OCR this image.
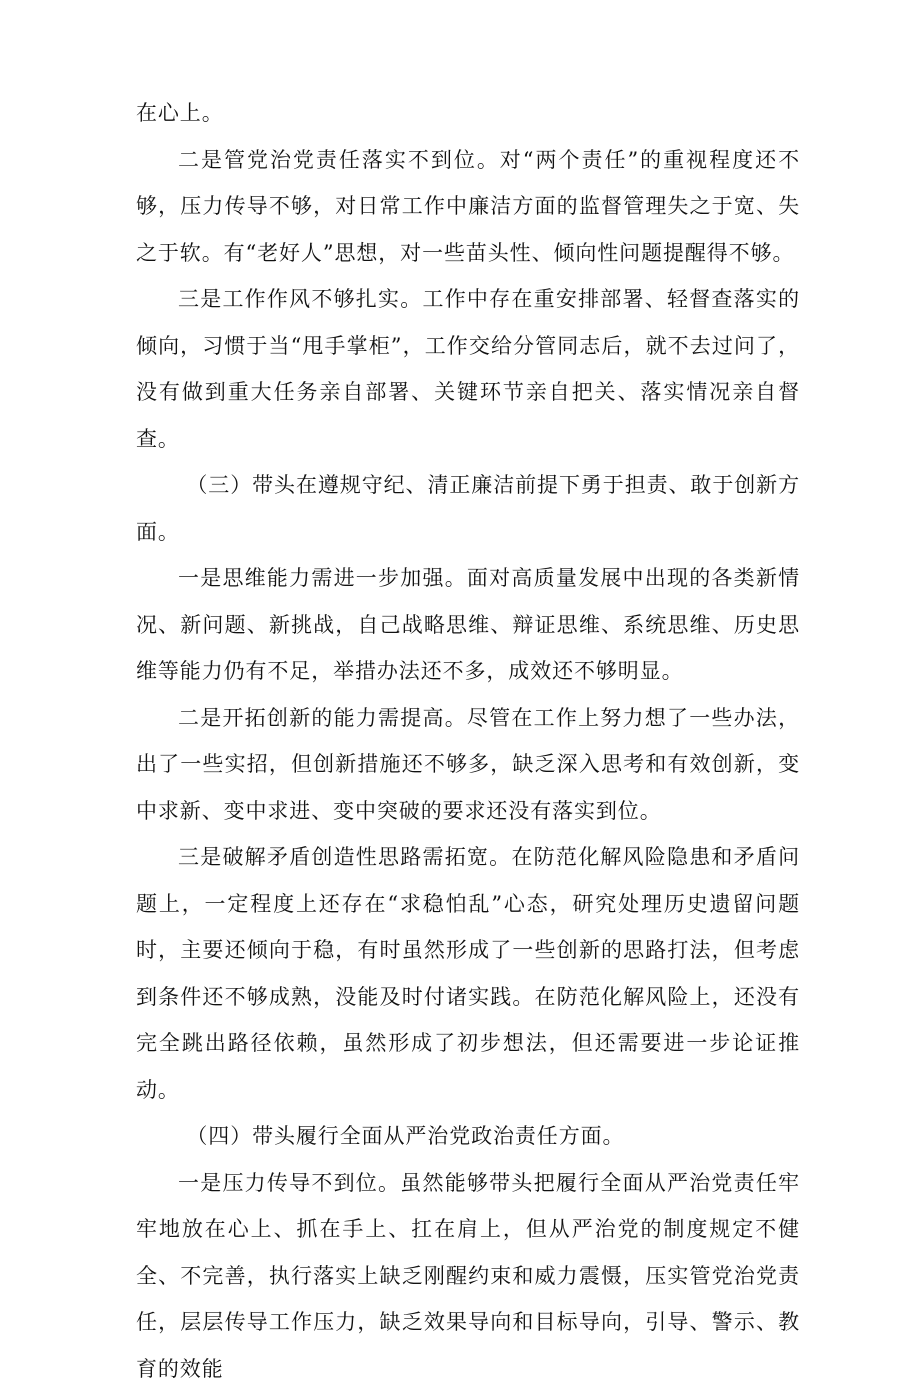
在心上。

二是管党治党责任落实不到位。对“两个责任”的重视程度还不够，压力传导不够，对日常工作中廉洁方面的监督管理失之于宽、失之于软。有“老好人”思想，对一些苗头性、倾向性问题提醒得不够。

三是工作作风不够扎实。工作中存在重安排部署、轻督查落实的倾向，习惯于当“甩手掌柜”，工作交给分管同志后，就不去过问了，没有做到重大任务亲自部署、关键环节亲自把关、落实情况亲自督查。

（三）带头在遵规守纪、清正廉洁前提下勇于担责、敢于创新方面。

一是思维能力需进一步加强。面对高质量发展中出现的各类新情况、新问题、新挑战，自己战略思维、辩证思维、系统思维、历史思维等能力仍有不足，举措办法还不多，成效还不够明显。

二是开拓创新的能力需提高。尽管在工作上努力想了一些办法，出了一些实招，但创新措施还不够多，缺乏深入思考和有效创新，变中求新、变中求进、变中突破的要求还没有落实到位。

三是破解矛盾创造性思路需拓宽。在防范化解风险隐患和矛盾问题上，一定程度上还存在“求稳怕乱”心态，研究处理历史遗留问题时，主要还倾向于稳，有时虽然形成了一些创新的思路打法，但考虑到条件还不够成熟，没能及时付诸实践。在防范化解风险上，还没有完全跳出路径依赖，虽然形成了初步想法，但还需要进一步论证推动。

（四）带头履行全面从严治党政治责任方面。

一是压力传导不到位。虽然能够带头把履行全面从严治党责任牢牢地放在心上、抓在手上、扛在肩上，但从严治党的制度规定不健全、不完善，执行落实上缺乏刚醒约束和威力震慑，压实管党治党责任，层层传导工作压力，缺乏效果导向和目标导向，引导、警示、教育的效能
